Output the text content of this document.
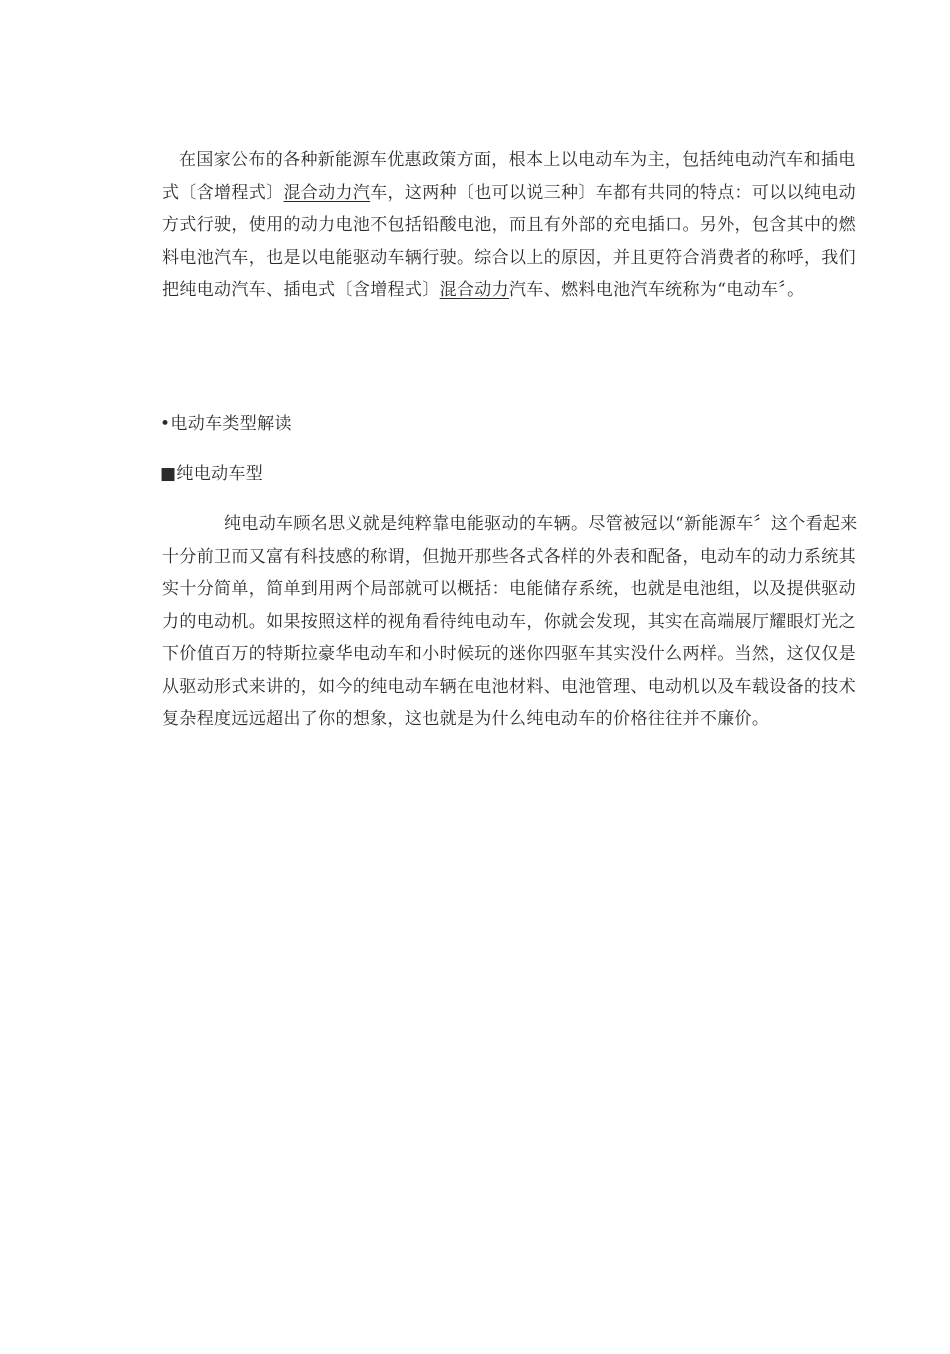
在国家公布的各种新能源车优惠政策方面，根本上以电动车为主，包括纯电动汽车和插电式〔含增程式〕混合动力汽车，这两种〔也可以说三种〕车都有共同的特点：可以以纯电动方式行驶，使用的动力电池不包括铅酸电池，而且有外部的充电插口。另外，包含其中的燃料电池汽车，也是以电能驱动车辆行驶。综合以上的原因，并且更符合消费者的称呼，我们把纯电动汽车、插电式〔含增程式〕混合动力汽车、燃料电池汽车统称为“电动车〞。

•电动车类型解读

■纯电动车型

纯电动车顾名思义就是纯粹靠电能驱动的车辆。尽管被冠以“新能源车〞这个看起来十分前卫而又富有科技感的称谓，但抛开那些各式各样的外表和配备，电动车的动力系统其实十分简单，简单到用两个局部就可以概括：电能储存系统，也就是电池组，以及提供驱动力的电动机。如果按照这样的视角看待纯电动车，你就会发现，其实在高端展厅耀眼灯光之下价值百万的特斯拉豪华电动车和小时候玩的迷你四驱车其实没什么两样。当然，这仅仅是从驱动形式来讲的，如今的纯电动车辆在电池材料、电池管理、电动机以及车载设备的技术复杂程度远远超出了你的想象，这也就是为什么纯电动车的价格往往并不廉价。
